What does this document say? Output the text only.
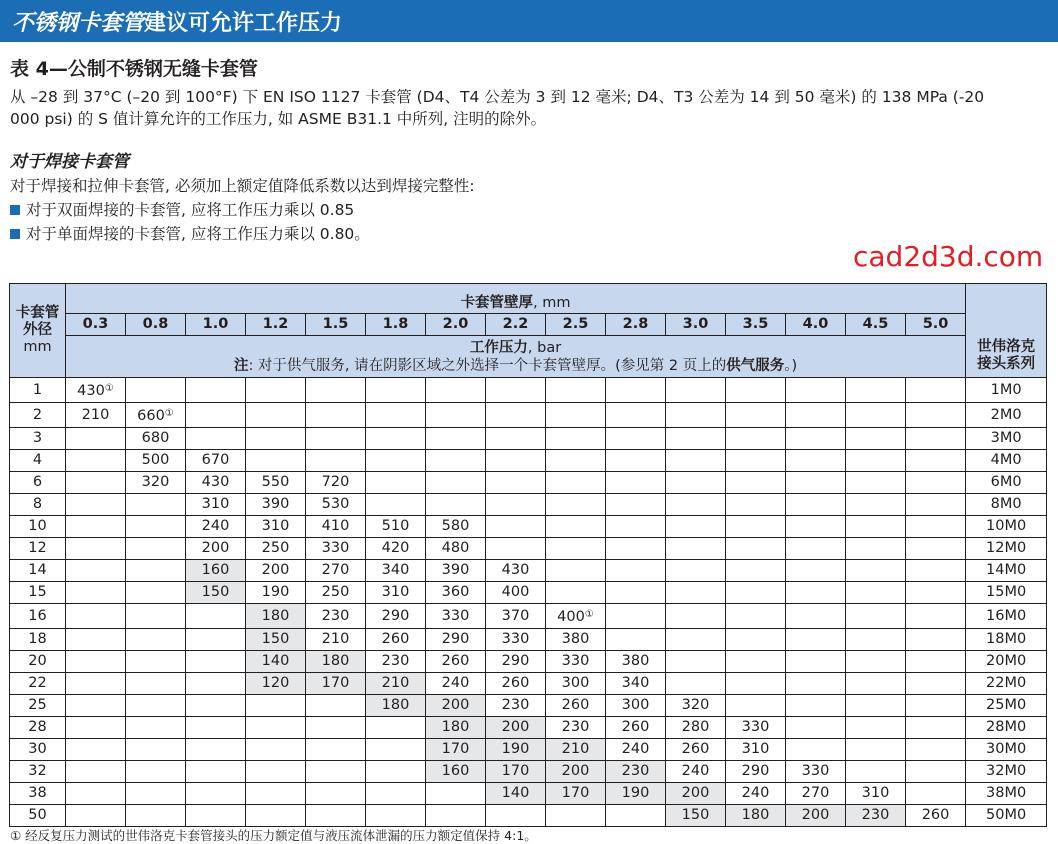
不锈钢卡套管建议可允许工作压力
表 4—公制不锈钢无缝卡套管
从 –28 到 37°C (–20 到 100°F) 下 EN ISO 1127 卡套管 (D4、T4 公差为 3 到 12 毫米; D4、T3 公差为 14 到 50 毫米) 的 138 MPa (-20
000 psi) 的 S 值计算允许的工作压力, 如 ASME B31.1 中所列, 注明的除外。
对于焊接卡套管
对于焊接和拉伸卡套管, 必须加上额定值降低系数以达到焊接完整性:
对于双面焊接的卡套管, 应将工作压力乘以 0.85
对于单面焊接的卡套管, 应将工作压力乘以 0.80。
cad2d3d.com
卡套管
外径
mm	卡套管壁厚, mm															世伟洛克
接头系列
	0.3	0.8	1.0	1.2	1.5	1.8	2.0	2.2	2.5	2.8	3.0	3.5	4.0	4.5	5.0	

	工作压力, bar
注: 对于供气服务, 请在阴影区域之外选择一个卡套管壁厚。(参见第 2 页上的供气服务。)															

1	430①															1M0
2	210	660①														2M0
3		680														3M0
4		500	670													4M0
6		320	430	550	720											6M0
8			310	390	530											8M0
10			240	310	410	510	580									10M0
12			200	250	330	420	480									12M0
14			160	200	270	340	390	430								14M0
15			150	190	250	310	360	400								15M0
16				180	230	290	330	370	400①							16M0
18				150	210	260	290	330	380							18M0
20				140	180	230	260	290	330	380						20M0
22				120	170	210	240	260	300	340						22M0
25						180	200	230	260	300	320					25M0
28							180	200	230	260	280	330				28M0
30							170	190	210	240	260	310				30M0
32							160	170	200	230	240	290	330			32M0
38								140	170	190	200	240	270	310		38M0
50											150	180	200	230	260	50M0
① 经反复压力测试的世伟洛克卡套管接头的压力额定值与液压流体泄漏的压力额定值保持 4:1。
